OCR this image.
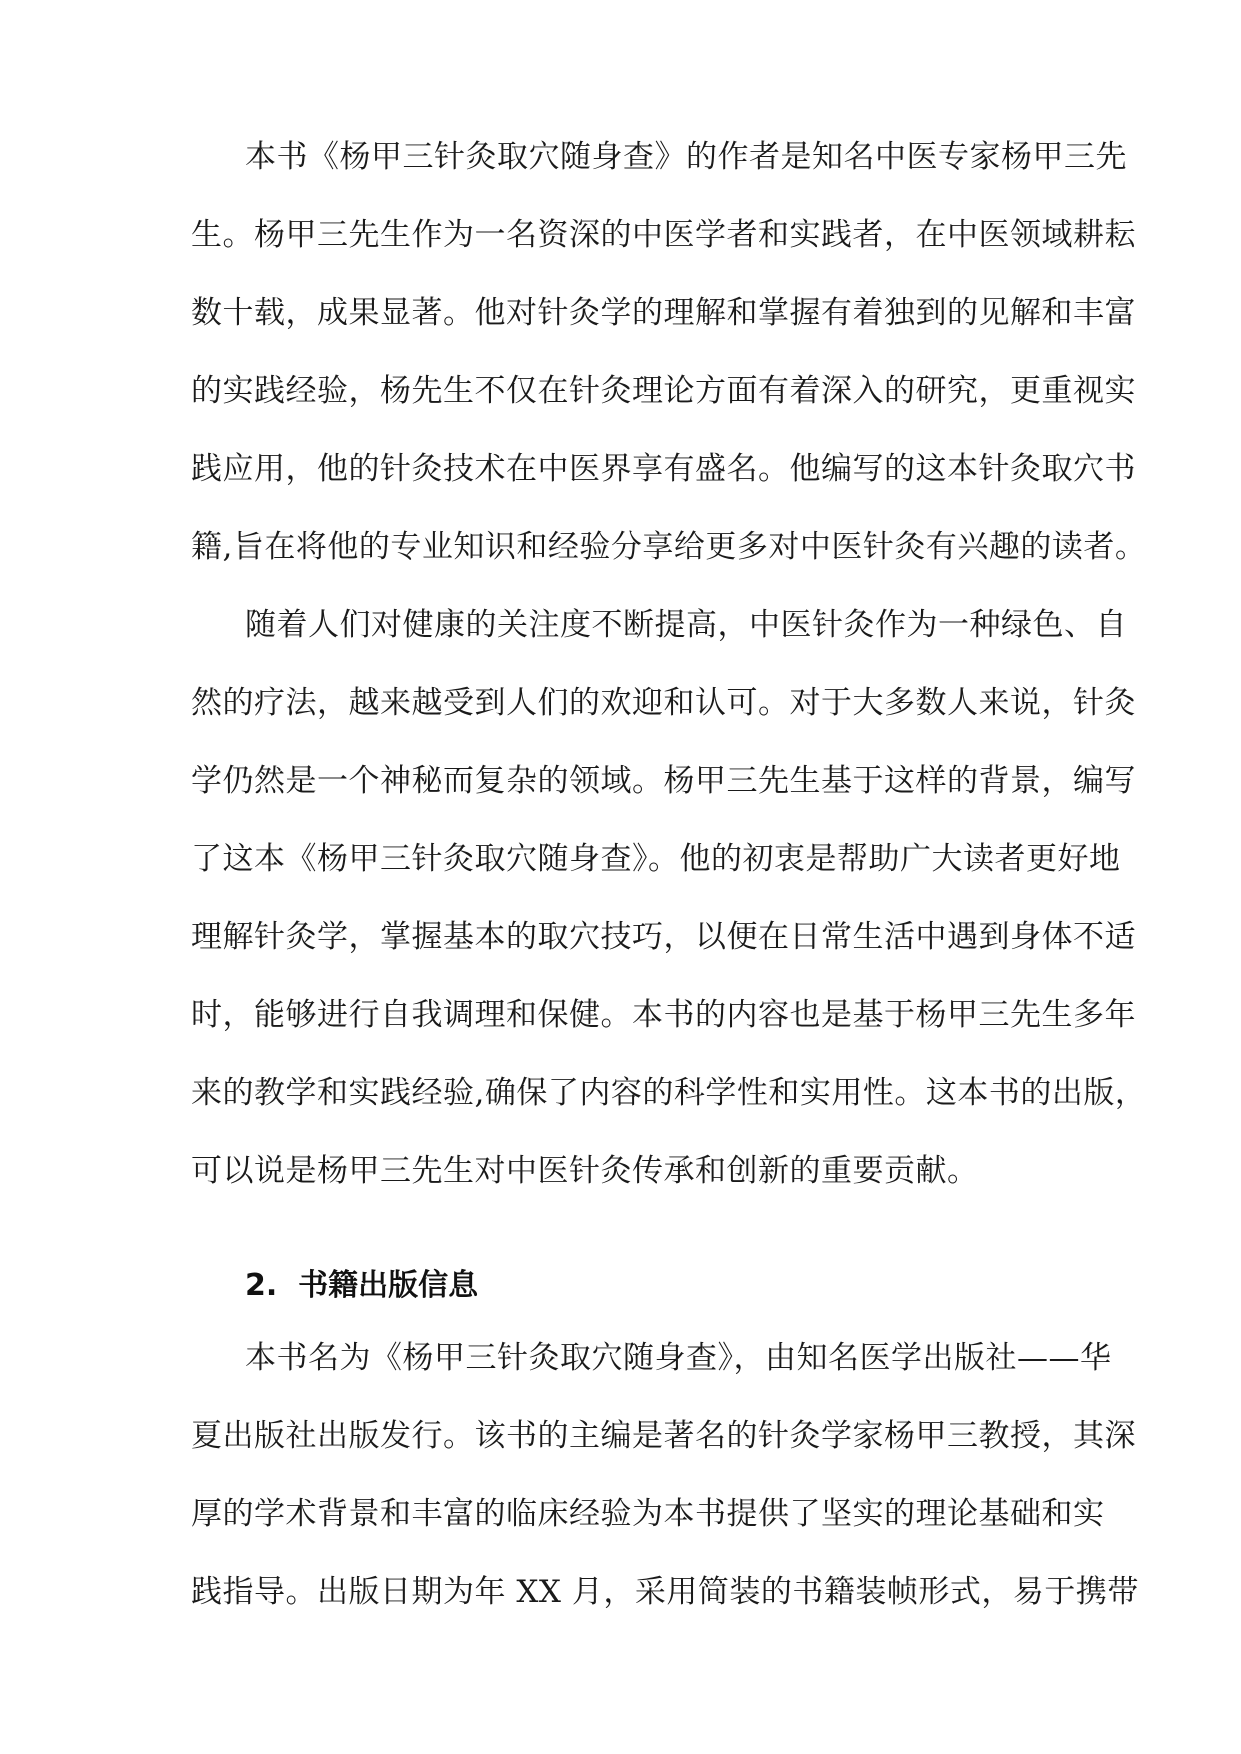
本书《杨甲三针灸取穴随身查》的作者是知名中医专家杨甲三先
生。杨甲三先生作为一名资深的中医学者和实践者，在中医领域耕耘
数十载，成果显著。他对针灸学的理解和掌握有着独到的见解和丰富
的实践经验，杨先生不仅在针灸理论方面有着深入的研究，更重视实
践应用，他的针灸技术在中医界享有盛名。他编写的这本针灸取穴书
籍,旨在将他的专业知识和经验分享给更多对中医针灸有兴趣的读者。
随着人们对健康的关注度不断提高，中医针灸作为一种绿色、自
然的疗法，越来越受到人们的欢迎和认可。对于大多数人来说，针灸
学仍然是一个神秘而复杂的领域。杨甲三先生基于这样的背景，编写
了这本《杨甲三针灸取穴随身查》。他的初衷是帮助广大读者更好地
理解针灸学，掌握基本的取穴技巧，以便在日常生活中遇到身体不适
时，能够进行自我调理和保健。本书的内容也是基于杨甲三先生多年
来的教学和实践经验,确保了内容的科学性和实用性。这本书的出版，
可以说是杨甲三先生对中医针灸传承和创新的重要贡献。
2. 书籍出版信息
本书名为《杨甲三针灸取穴随身查》，由知名医学出版社——华
夏出版社出版发行。该书的主编是著名的针灸学家杨甲三教授，其深
厚的学术背景和丰富的临床经验为本书提供了坚实的理论基础和实
践指导。出版日期为年 XX 月，采用简装的书籍装帧形式，易于携带
